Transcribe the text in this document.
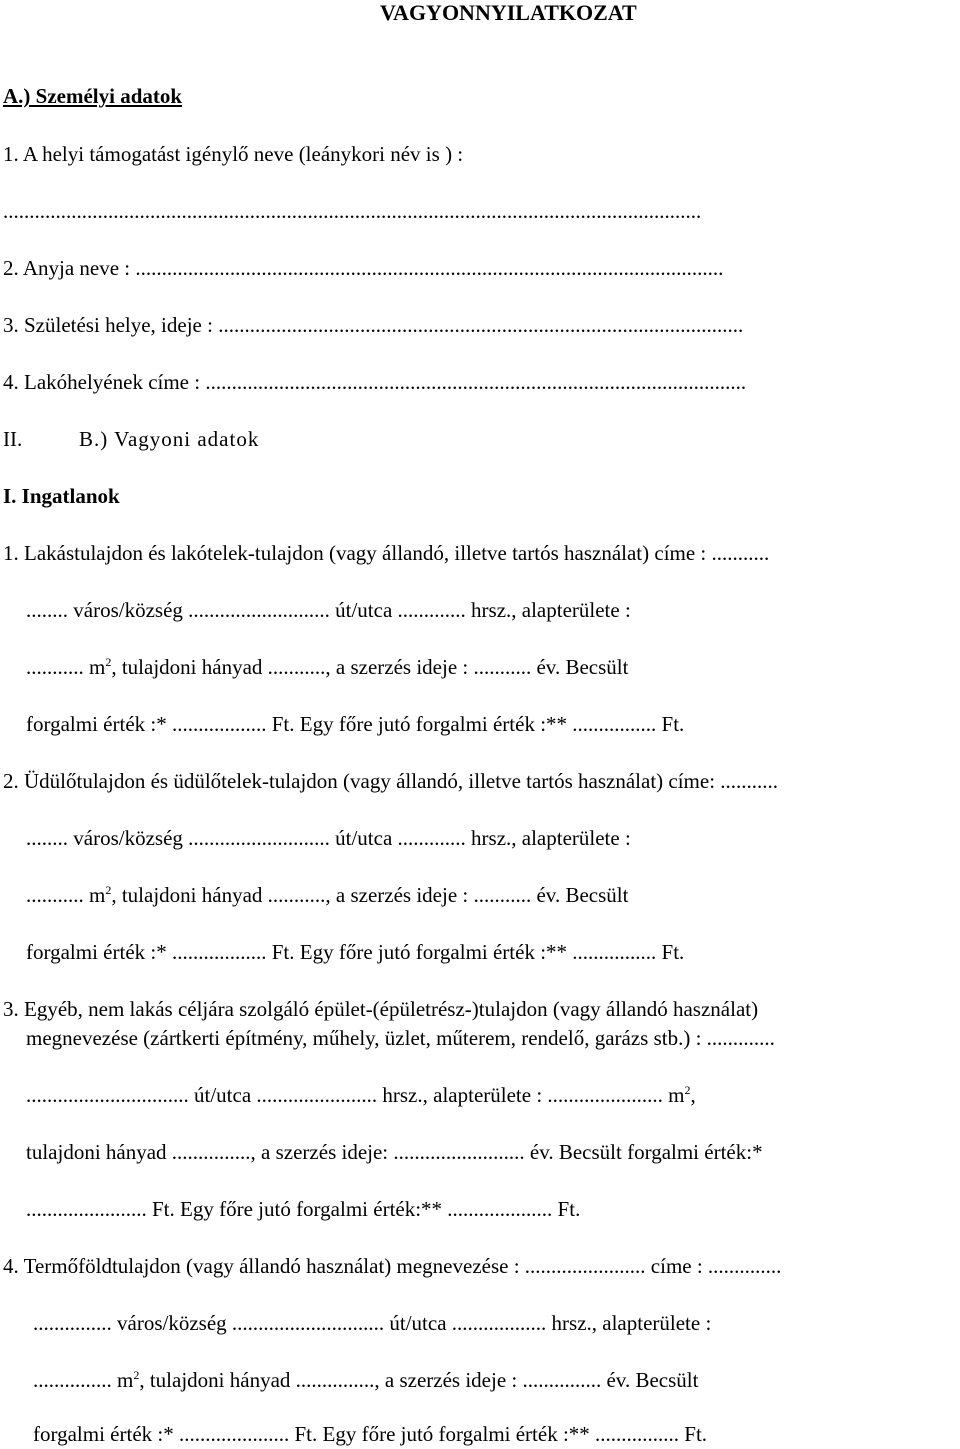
VAGYONNYILATKOZAT
A.) Személyi adatok
1. A helyi támogatást igénylő neve (leánykori név is ) :
.....................................................................................................................................
2. Anyja neve : ................................................................................................................
3. Születési helye, ideje : ....................................................................................................
4. Lakóhelyének címe : .......................................................................................................
II.	B.) Vagyoni adatok
I. Ingatlanok
1. Lakástulajdon és lakótelek-tulajdon (vagy állandó, illetve tartós használat) címe : ...........
........ város/község ........................... út/utca ............. hrsz., alapterülete :
........... $m^2$, tulajdoni hányad ..........., a szerzés ideje : ........... év. Becsült
forgalmi érték :* .................. Ft. Egy főre jutó forgalmi érték :** ................ Ft.
2. Üdülőtulajdon és üdülőtelek-tulajdon (vagy állandó, illetve tartós használat) címe: ...........
........ város/község ........................... út/utca ............. hrsz., alapterülete :
........... $m^2$, tulajdoni hányad ..........., a szerzés ideje : ........... év. Becsült
forgalmi érték :* .................. Ft. Egy főre jutó forgalmi érték :** ................ Ft.
3. Egyéb, nem lakás céljára szolgáló épület-(épületrész-)tulajdon (vagy állandó használat)
megnevezése (zártkerti építmény, műhely, üzlet, műterem, rendelő, garázs stb.) : .............
............................... út/utca ....................... hrsz., alapterülete : ...................... $m^2$,
tulajdoni hányad ..............., a szerzés ideje: ......................... év. Becsült forgalmi érték:*
....................... Ft. Egy főre jutó forgalmi érték:** .................... Ft.
4. Termőföldtulajdon (vagy állandó használat) megnevezése : ....................... címe : ..............
............... város/község ............................. út/utca .................. hrsz., alapterülete :
............... $m^2$, tulajdoni hányad ..............., a szerzés ideje : ............... év. Becsült
forgalmi érték :* ..................... Ft. Egy főre jutó forgalmi érték :** ................ Ft.
